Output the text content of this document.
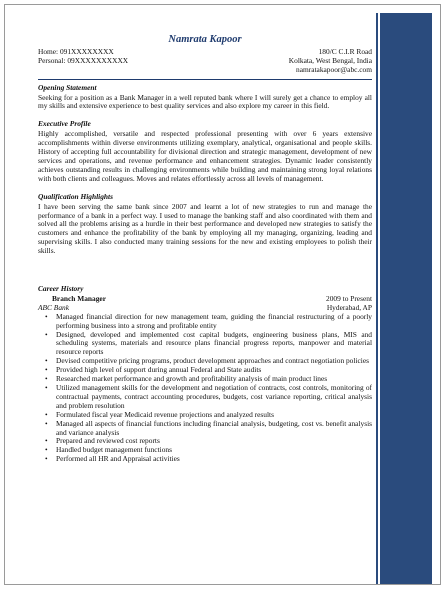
Namrata Kapoor
Home: 091XXXXXXXX
Personal: 09XXXXXXXXXX
180/C C.I.R Road
Kolkata, West Bengal, India
namratakapoor@abc.com
Opening Statement

Seeking for a position as a Bank Manager in a well reputed bank where I will surely get a chance to employ all my skills and extensive experience to best quality services and also explore my career in this field.

Executive Profile

Highly accomplished, versatile and respected professional presenting with over 6 years extensive accomplishments within diverse environments utilizing exemplary, analytical, organisational and people skills. History of accepting full accountability for divisional direction and strategic management, development of new services and operations, and revenue performance and enhancement strategies. Dynamic leader consistently achieves outstanding results in challenging environments while building and maintaining strong loyal relations with both clients and colleagues. Moves and relates effortlessly across all levels of management.

Qualification Highlights

I have been serving the same bank since 2007 and learnt a lot of new strategies to run and manage the performance of a bank in a perfect way. I used to manage the banking staff and also coordinated with them and solved all the problems arising as a hurdle in their best performance and developed new strategies to satisfy the customers and enhance the profitability of the bank by employing all my managing, organizing, leading and supervising skills. I also conducted many training sessions for the new and existing employees to polish their skills.

Career History
Branch Manager	2009 to Present
ABC Bank	Hyderabad, AP
• Managed financial direction for new management team, guiding the financial restructuring of a poorly performing business into a strong and profitable entity
• Designed, developed and implemented cost capital budgets, engineering business plans, MIS and scheduling systems, materials and resource plans financial progress reports, manpower and material resource reports
• Devised competitive pricing programs, product development approaches and contract negotiation policies
• Provided high level of support during annual Federal and State audits
• Researched market performance and growth and profitability analysis of main product lines
• Utilized management skills for the development and negotiation of contracts, cost controls, monitoring of contractual payments, contract accounting procedures, budgets, cost variance reporting, critical analysis and problem resolution
• Formulated fiscal year Medicaid revenue projections and analyzed results
• Managed all aspects of financial functions including financial analysis, budgeting, cost vs. benefit analysis and variance analysis
• Prepared and reviewed cost reports
• Handled budget management functions
• Performed all HR and Appraisal activities
